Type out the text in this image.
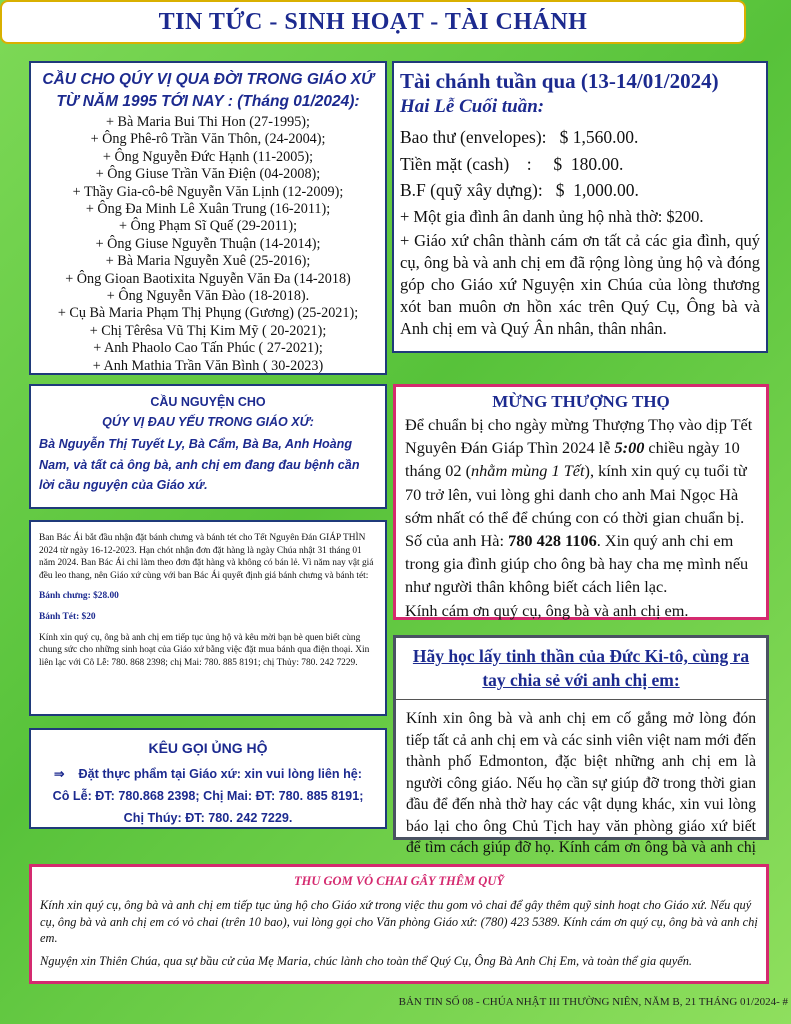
TIN TỨC - SINH HOẠT - TÀI CHÁNH
CẦU CHO QÚY VỊ QUA ĐỜI TRONG GIÁO XỨ
TỪ NĂM 1995 TỚI NAY : (Tháng 01/2024):
+ Bà Maria Bui Thi Hon (27-1995);
+ Ông Phê-rô Trần Văn Thôn, (24-2004);
+ Ông Nguyễn Đức Hạnh (11-2005);
+ Ông Giuse Trần Văn Điện (04-2008);
+ Thầy Gia-cô-bê Nguyễn Văn Lịnh (12-2009);
+ Ông Đa Minh Lê Xuân Trung (16-2011);
+ Ông Phạm Sĩ Quế (29-2011);
+ Ông Giuse Nguyễn Thuận (14-2014);
+ Bà Maria Nguyễn Xuê (25-2016);
+ Ông Gioan Baotixita Nguyễn Văn Đa (14-2018)
+ Ông Nguyễn Văn Đào (18-2018).
+ Cụ Bà Maria Phạm Thị Phụng (Gương) (25-2021);
+ Chị Têrêsa Vũ Thị Kim Mỹ ( 20-2021);
+ Anh Phaolo Cao Tấn Phúc ( 27-2021);
+ Anh Mathia Trần Văn Bình ( 30-2023)
Tài chánh tuần qua (13-14/01/2024)
Hai Lễ Cuối tuần:
Bao thư (envelopes):   $ 1,560.00.
Tiền mặt (cash)    :     $  180.00.
B.F (quỹ xây dựng):   $  1,000.00.
+ Một gia đình ân danh ủng hộ nhà thờ: $200.
+ Giáo xứ chân thành cám ơn tất cả các gia đình, quý cụ, ông bà và anh chị em đã rộng lòng ủng hộ và đóng góp cho Giáo xứ Nguyện xin Chúa của lòng thương xót ban muôn ơn hồn xác trên Quý Cụ, Ông bà và Anh chị em và Quý Ân nhân, thân nhân.
CẦU NGUYỆN CHO
QÚY VỊ ĐAU YẾU TRONG GIÁO XỨ:
Bà Nguyễn Thị Tuyết Ly, Bà Cẩm, Bà Ba, Anh Hoàng Nam, và tất cả ông bà, anh chị em đang đau bệnh cần lời cầu nguyện của Giáo xứ.
MỪNG THƯỢNG THỌ
Để chuẩn bị cho ngày mừng Thượng Thọ vào dịp Tết Nguyên Đán Giáp Thìn 2024 lễ 5:00 chiều ngày 10 tháng 02 (nhằm mùng 1 Tết), kính xin quý cụ tuổi từ 70 trở lên, vui lòng ghi danh cho anh Mai Ngọc Hà sớm nhất có thể để chúng con có thời gian chuẩn bị. Số của anh Hà: 780 428 1106. Xin quý anh chi em trong gia đình giúp cho ông bà hay cha mẹ mình nếu như người thân không biết cách liên lạc.
Kính cám ơn quý cụ, ông bà và anh chị em.

Ban Bác Ái bắt đầu nhận đặt bánh chưng và bánh tét cho Tết Nguyên Đán GIÁP THÌN 2024 từ ngày 16-12-2023. Hạn chót nhận đơn đặt hàng là ngày Chúa nhật 31 tháng 01 năm 2024. Ban Bác Ái chỉ làm theo đơn đặt hàng và không có bán lẻ. Vì năm nay vật giá đều leo thang, nên Giáo xứ cùng với ban Bác Ái quyết định giá bánh chưng và bánh tét:

Bánh chưng: $28.00

Bánh Tét: $20

Kính xin quý cụ, ông bà anh chị em tiếp tục ủng hộ và kêu mời bạn bè quen biết cùng chung sức cho những sinh hoạt của Giáo xứ bằng việc đặt mua bánh qua điện thoại. Xin liên lạc với Cô Lễ: 780. 868 2398; chị Mai: 780. 885 8191; chị Thủy: 780. 242 7229.

KÊU GỌI ỦNG HỘ
⇒ Đặt thực phẩm tại Giáo xứ: xin vui lòng liên hệ:
Cô Lễ: ĐT: 780.868 2398; Chị Mai: ĐT: 780. 885 8191;
Chị Thúy: ĐT: 780. 242 7229.
Hãy học lấy tinh thần của Đức Ki-tô, cùng ra tay chia sẻ với anh chị em:
Kính xin ông bà và anh chị em cố gắng mở lòng đón tiếp tất cả anh chị em và các sinh viên việt nam mới đến thành phố Edmonton, đặc biệt những anh chị em là người công giáo. Nếu họ cần sự giúp đỡ trong thời gian đầu để đến nhà thờ hay các vật dụng khác, xin vui lòng báo lại cho ông Chủ Tịch hay văn phòng giáo xứ biết để tìm cách giúp đỡ họ. Kính cám ơn ông bà và anh chị
THU GOM VỎ CHAI GÂY THÊM QUỸ

Kính xin quý cụ, ông bà và anh chị em tiếp tục ủng hộ cho Giáo xứ trong việc thu gom vỏ chai để gây thêm quỹ sinh hoạt cho Giáo xứ. Nếu quý cụ, ông bà và anh chị em có vỏ chai (trên 10 bao), vui lòng gọi cho Văn phòng Giáo xứ: (780) 423 5389. Kính cám ơn quý cụ, ông bà và anh chị em.

Nguyện xin Thiên Chúa, qua sự bầu cử của Mẹ Maria, chúc lành cho toàn thể Quý Cụ, Ông Bà Anh Chị Em, và toàn thể gia quyến.

BẢN TIN SỐ 08 - CHÚA NHẬT III THƯỜNG NIÊN, NĂM B, 21 THÁNG 01/2024- #
